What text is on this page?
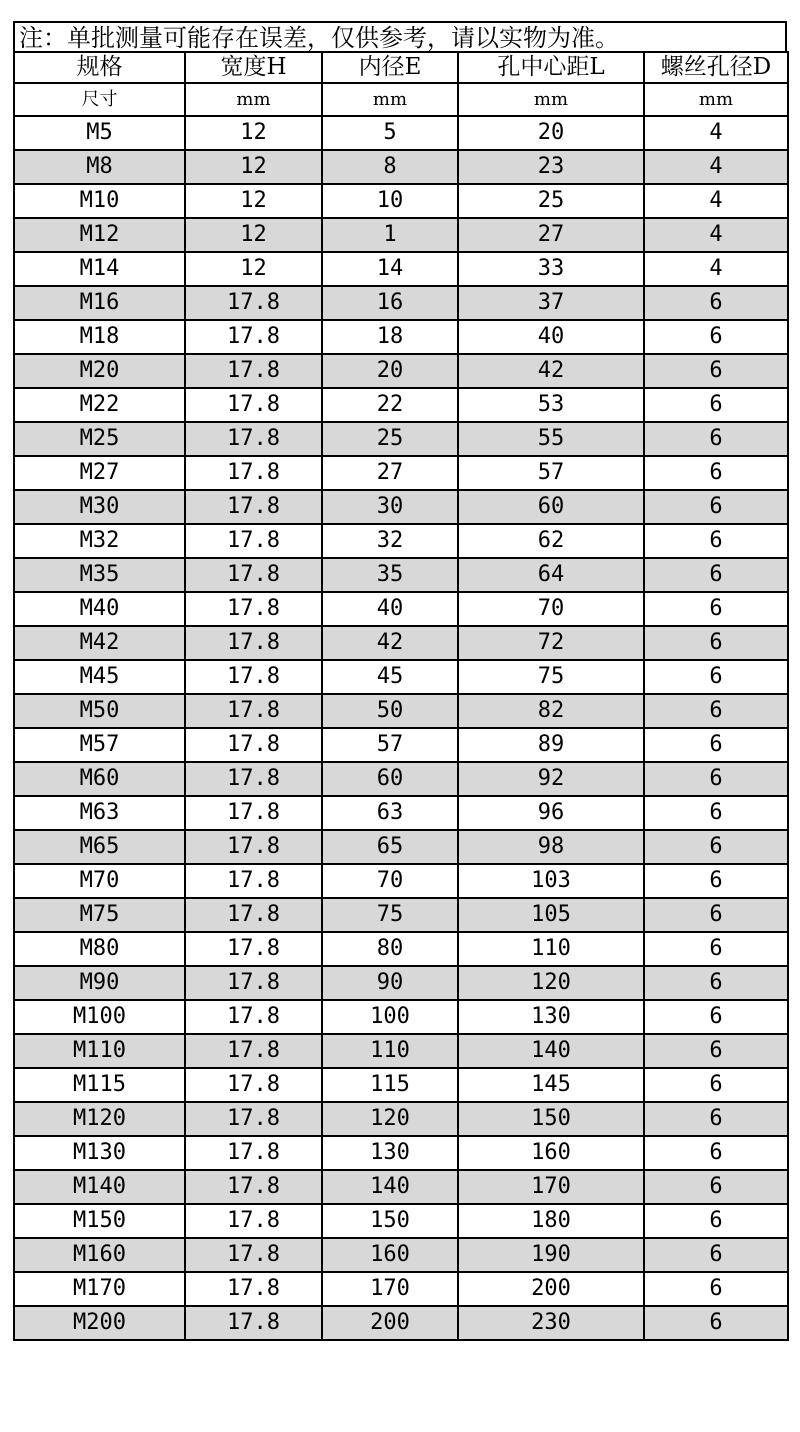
注：单批测量可能存在误差，仅供参考，请以实物为准。
规格	宽度H	内径E	孔中心距L	螺丝孔径D
尺寸	mm	mm	mm	mm
M5	12	5	20	4
M8	12	8	23	4
M10	12	10	25	4
M12	12	1	27	4
M14	12	14	33	4
M16	17.8	16	37	6
M18	17.8	18	40	6
M20	17.8	20	42	6
M22	17.8	22	53	6
M25	17.8	25	55	6
M27	17.8	27	57	6
M30	17.8	30	60	6
M32	17.8	32	62	6
M35	17.8	35	64	6
M40	17.8	40	70	6
M42	17.8	42	72	6
M45	17.8	45	75	6
M50	17.8	50	82	6
M57	17.8	57	89	6
M60	17.8	60	92	6
M63	17.8	63	96	6
M65	17.8	65	98	6
M70	17.8	70	103	6
M75	17.8	75	105	6
M80	17.8	80	110	6
M90	17.8	90	120	6
M100	17.8	100	130	6
M110	17.8	110	140	6
M115	17.8	115	145	6
M120	17.8	120	150	6
M130	17.8	130	160	6
M140	17.8	140	170	6
M150	17.8	150	180	6
M160	17.8	160	190	6
M170	17.8	170	200	6
M200	17.8	200	230	6
